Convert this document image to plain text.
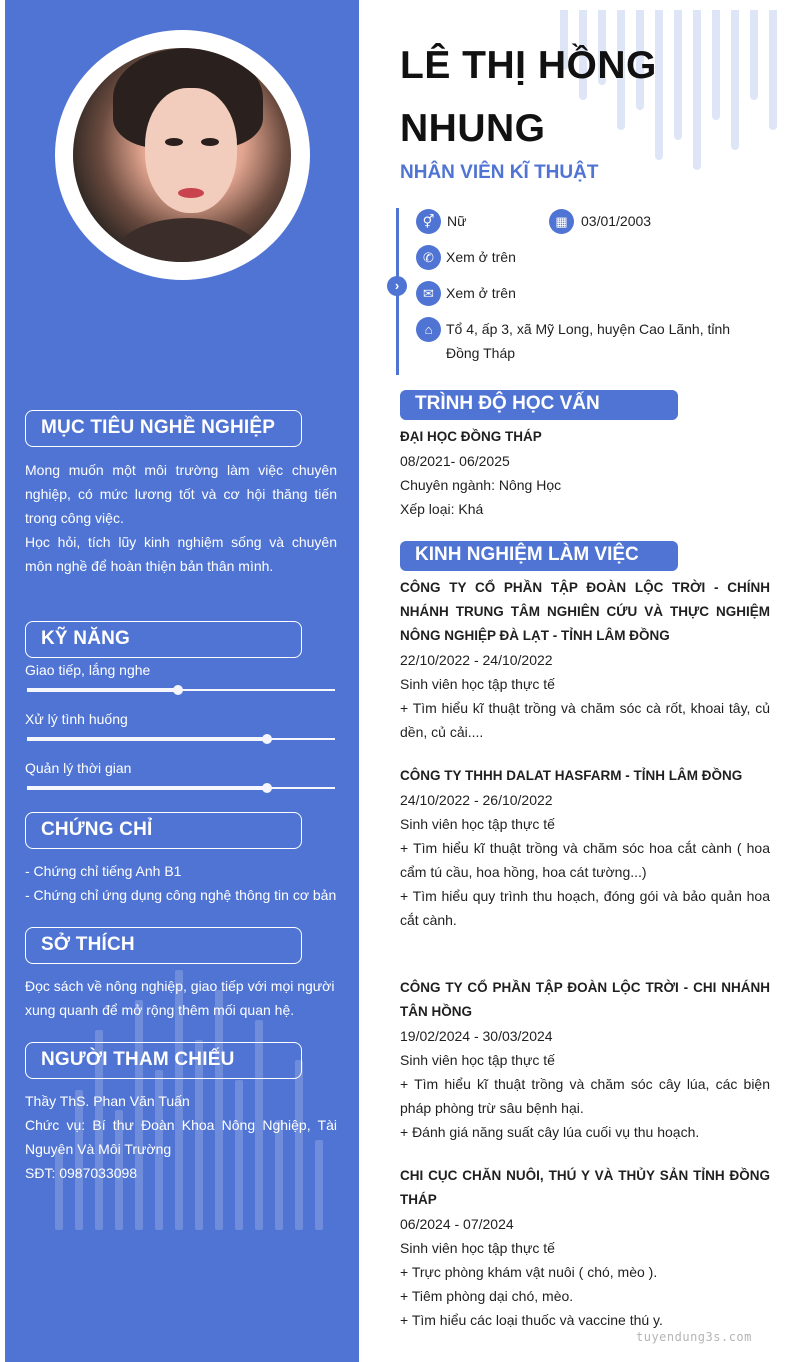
MỤC TIÊU NGHỀ NGHIỆP

Mong muốn một môi trường làm việc chuyên nghiệp, có mức lương tốt và cơ hội thăng tiến trong công việc.

Học hỏi, tích lũy kinh nghiệm sống và chuyên môn nghề để hoàn thiện bản thân mình.

KỸ NĂNG
Giao tiếp, lắng nghe
Xử lý tình huống
Quản lý thời gian
CHỨNG CHỈ

- Chứng chỉ tiếng Anh B1

- Chứng chỉ ứng dụng công nghệ thông tin cơ bản

SỞ THÍCH
Đọc sách về nông nghiệp, giao tiếp với mọi người xung quanh để mở rộng thêm mối quan hệ.
NGƯỜI THAM CHIẾU

Thầy ThS. Phan Văn Tuấn

Chức vụ: Bí thư Đoàn Khoa Nông Nghiệp, Tài Nguyên Và Môi Trường

SĐT: 0987033098

LÊ THỊ HỒNG NHUNG
NHÂN VIÊN KĨ THUẬT
›
⚥ Nữ	▦ 03/01/2003
✆ Xem ở trên
✉ Xem ở trên
⌂ Tổ 4, ấp 3, xã Mỹ Long, huyện Cao Lãnh, tỉnh Đồng Tháp
TRÌNH ĐỘ HỌC VẤN

ĐẠI HỌC ĐỒNG THÁP

08/2021- 06/2025

Chuyên ngành: Nông Học

Xếp loại: Khá

KINH NGHIỆM LÀM VIỆC

CÔNG TY CỔ PHẦN TẬP ĐOÀN LỘC TRỜI - CHÍNH NHÁNH TRUNG TÂM NGHIÊN CỨU VÀ THỰC NGHIỆM NÔNG NGHIỆP ĐÀ LẠT - TỈNH LÂM ĐỒNG

22/10/2022 - 24/10/2022

Sinh viên học tập thực tế

+ Tìm hiểu kĩ thuật trồng và chăm sóc cà rốt, khoai tây, củ dền, củ cải....

CÔNG TY THHH DALAT HASFARM - TỈNH LÂM ĐỒNG

24/10/2022 - 26/10/2022

Sinh viên học tập thực tế

+ Tìm hiểu kĩ thuật trồng và chăm sóc hoa cắt cành ( hoa cẩm tú cầu, hoa hồng, hoa cát tường...)

+ Tìm hiểu quy trình thu hoạch, đóng gói và bảo quản hoa cắt cành.

CÔNG TY CỔ PHẦN TẬP ĐOÀN LỘC TRỜI - CHI NHÁNH TÂN HỒNG

19/02/2024 - 30/03/2024

Sinh viên học tập thực tế

+ Tìm hiểu kĩ thuật trồng và chăm sóc cây lúa, các biện pháp phòng trừ sâu bệnh hại.

+ Đánh giá năng suất cây lúa cuối vụ thu hoạch.

CHI CỤC CHĂN NUÔI, THÚ Y VÀ THỦY SẢN TỈNH ĐỒNG THÁP

06/2024 - 07/2024

Sinh viên học tập thực tế

+ Trực phòng khám vật nuôi ( chó, mèo ).

+ Tiêm phòng dại chó, mèo.

+ Tìm hiểu các loại thuốc và vaccine thú y.

tuyendung3s.com
